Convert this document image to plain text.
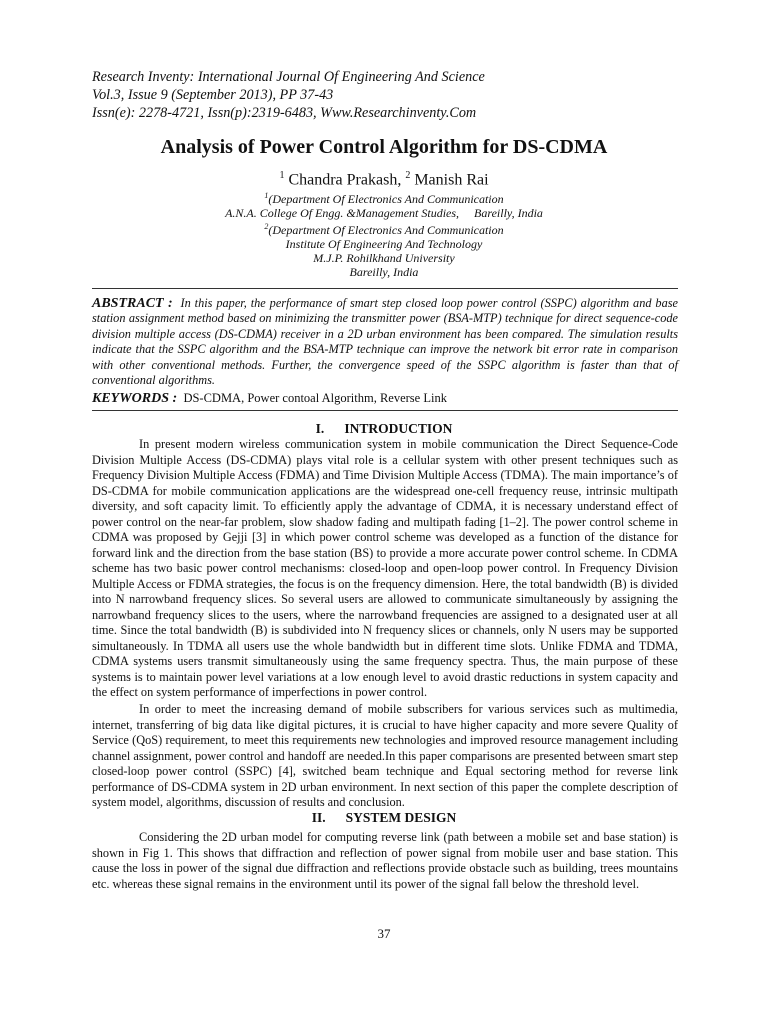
Research Inventy: International Journal Of Engineering And Science
Vol.3, Issue 9 (September 2013), PP 37-43
Issn(e): 2278-4721, Issn(p):2319-6483, Www.Researchinventy.Com
Analysis of Power Control Algorithm for DS-CDMA
$^1$ Chandra Prakash, $^2$ Manish Rai
$^1$(Department Of Electronics And Communication
A.N.A. College Of Engg. &Management Studies,     Bareilly, India
$^2$(Department Of Electronics And Communication
Institute Of Engineering And Technology
M.J.P. Rohilkhand University
Bareilly, India
ABSTRACT : In this paper, the performance of smart step closed loop power control (SSPC) algorithm and base station assignment method based on minimizing the transmitter power (BSA-MTP) technique for direct sequence-code division multiple access (DS-CDMA) receiver in a 2D urban environment has been compared. The simulation results indicate that the SSPC algorithm and the BSA-MTP technique can improve the network bit error rate in comparison with other conventional methods. Further, the convergence speed of the SSPC algorithm is faster than that of conventional algorithms.
KEYWORDS : DS-CDMA, Power contoal Algorithm, Reverse Link
I. INTRODUCTION
In present modern wireless communication system in mobile communication the Direct Sequence-Code Division Multiple Access (DS-CDMA) plays vital role is a cellular system with other present techniques such as Frequency Division Multiple Access (FDMA) and Time Division Multiple Access (TDMA). The main importance’s of DS-CDMA for mobile communication applications are the widespread one-cell frequency reuse, intrinsic multipath diversity, and soft capacity limit. To efficiently apply the advantage of CDMA, it is necessary understand effect of power control on the near-far problem, slow shadow fading and multipath fading [1–2]. The power control scheme in CDMA was proposed by Gejji [3] in which power control scheme was developed as a function of the distance for forward link and the direction from the base station (BS) to provide a more accurate power control scheme. In CDMA scheme has two basic power control mechanisms: closed-loop and open-loop power control. In Frequency Division Multiple Access or FDMA strategies, the focus is on the frequency dimension. Here, the total bandwidth (B) is divided into N narrowband frequency slices. So several users are allowed to communicate simultaneously by assigning the narrowband frequency slices to the users, where the narrowband frequencies are assigned to a designated user at all time. Since the total bandwidth (B) is subdivided into N frequency slices or channels, only N users may be supported simultaneously. In TDMA all users use the whole bandwidth but in different time slots. Unlike FDMA and TDMA, CDMA systems users transmit simultaneously using the same frequency spectra. Thus, the main purpose of these systems is to maintain power level variations at a low enough level to avoid drastic reductions in system capacity and the effect on system performance of imperfections in power control.
In order to meet the increasing demand of mobile subscribers for various services such as multimedia, internet, transferring of big data like digital pictures, it is crucial to have higher capacity and more severe Quality of Service (QoS) requirement, to meet this requirements new technologies and improved resource management including channel assignment, power control and handoff are needed.In this paper comparisons are presented between smart step closed-loop power control (SSPC) [4], switched beam technique and Equal sectoring method for reverse link performance of DS-CDMA system in 2D urban environment. In next section of this paper the complete description of system model, algorithms, discussion of results and conclusion.
II. SYSTEM DESIGN
Considering the 2D urban model for computing reverse link (path between a mobile set and base station) is shown in Fig 1. This shows that diffraction and reflection of power signal from mobile user and base station. This cause the loss in power of the signal due diffraction and reflections provide obstacle such as building, trees mountains etc. whereas these signal remains in the environment until its power of the signal fall below the threshold level.
37
